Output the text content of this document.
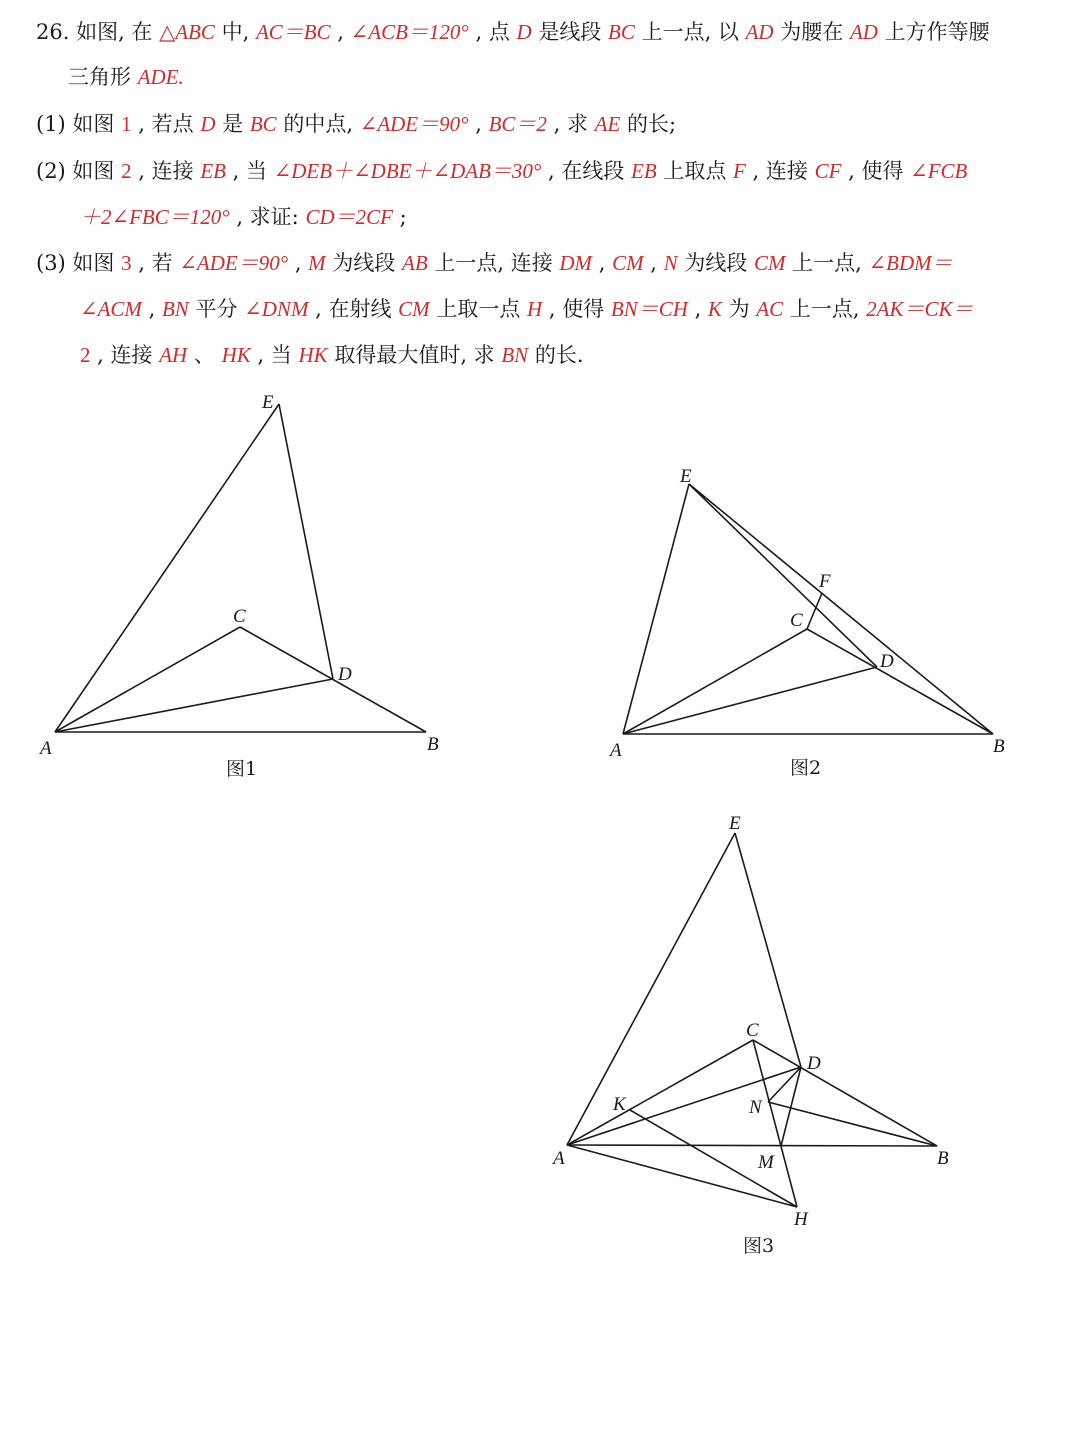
26. 如图, 在 △ABC 中, AC＝BC , ∠ACB＝120° , 点 D 是线段 BC 上一点, 以 AD 为腰在 AD 上方作等腰
三角形 ADE.
(1) 如图 1 , 若点 D 是 BC 的中点, ∠ADE＝90° , BC＝2 , 求 AE 的长;
(2) 如图 2 , 连接 EB , 当 ∠DEB＋∠DBE＋∠DAB＝30° , 在线段 EB 上取点 F , 连接 CF , 使得 ∠FCB
＋2∠FBC＝120° , 求证: CD＝2CF ;
(3) 如图 3 , 若 ∠ADE＝90° , M 为线段 AB 上一点, 连接 DM , CM , N 为线段 CM 上一点, ∠BDM＝
∠ACM , BN 平分 ∠DNM , 在射线 CM 上取一点 H , 使得 BN＝CH , K 为 AC 上一点, 2AK＝CK＝
2 , 连接 AH 、 HK , 当 HK 取得最大值时, 求 BN 的长.
E
C
D
A	B
图1
E
F
C
D
A	B
图2
E
C
D
K	N
A	M	B
H
图3
